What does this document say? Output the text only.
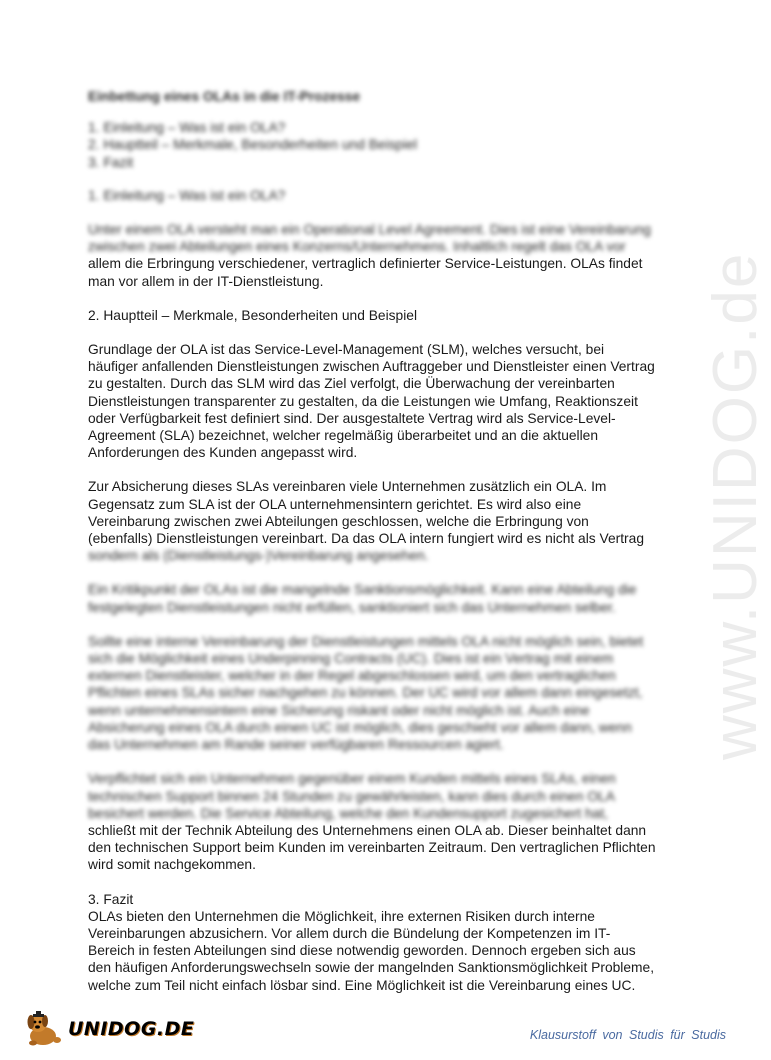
www.UNIDOG.de

Einbettung eines OLAs in die IT-Prozesse

1. Einleitung – Was ist ein OLA?
2. Hauptteil – Merkmale, Besonderheiten und Beispiel
3. Fazit
1. Einleitung – Was ist ein OLA?
Unter einem OLA versteht man ein Operational Level Agreement. Dies ist eine Vereinbarung
zwischen zwei Abteilungen eines Konzerns/Unternehmens. Inhaltlich regelt das OLA vor
allem die Erbringung verschiedener, vertraglich definierter Service-Leistungen. OLAs findet
man vor allem in der IT-Dienstleistung.
2. Hauptteil – Merkmale, Besonderheiten und Beispiel
Grundlage der OLA ist das Service-Level-Management (SLM), welches versucht, bei
häufiger anfallenden Dienstleistungen zwischen Auftraggeber und Dienstleister einen Vertrag
zu gestalten. Durch das SLM wird das Ziel verfolgt, die Überwachung der vereinbarten
Dienstleistungen transparenter zu gestalten, da die Leistungen wie Umfang, Reaktionszeit
oder Verfügbarkeit fest definiert sind. Der ausgestaltete Vertrag wird als Service-Level-
Agreement (SLA) bezeichnet, welcher regelmäßig überarbeitet und an die aktuellen
Anforderungen des Kunden angepasst wird.
Zur Absicherung dieses SLAs vereinbaren viele Unternehmen zusätzlich ein OLA. Im
Gegensatz zum SLA ist der OLA unternehmensintern gerichtet. Es wird also eine
Vereinbarung zwischen zwei Abteilungen geschlossen, welche die Erbringung von
(ebenfalls) Dienstleistungen vereinbart. Da das OLA intern fungiert wird es nicht als Vertrag
sondern als (Dienstleistungs-)Vereinbarung angesehen.
Ein Kritikpunkt der OLAs ist die mangelnde Sanktionsmöglichkeit. Kann eine Abteilung die
festgelegten Dienstleistungen nicht erfüllen, sanktioniert sich das Unternehmen selber.
Sollte eine interne Vereinbarung der Dienstleistungen mittels OLA nicht möglich sein, bietet
sich die Möglichkeit eines Underpinning Contracts (UC). Dies ist ein Vertrag mit einem
externen Dienstleister, welcher in der Regel abgeschlossen wird, um den vertraglichen
Pflichten eines SLAs sicher nachgehen zu können. Der UC wird vor allem dann eingesetzt,
wenn unternehmensintern eine Sicherung riskant oder nicht möglich ist. Auch eine
Absicherung eines OLA durch einen UC ist möglich, dies geschieht vor allem dann, wenn
das Unternehmen am Rande seiner verfügbaren Ressourcen agiert.
Verpflichtet sich ein Unternehmen gegenüber einem Kunden mittels eines SLAs, einen
technischen Support binnen 24 Stunden zu gewährleisten, kann dies durch einen OLA
besichert werden. Die Service Abteilung, welche den Kundensupport zugesichert hat,
schließt mit der Technik Abteilung des Unternehmens einen OLA ab. Dieser beinhaltet dann
den technischen Support beim Kunden im vereinbarten Zeitraum. Den vertraglichen Pflichten
wird somit nachgekommen.
3. Fazit
OLAs bieten den Unternehmen die Möglichkeit, ihre externen Risiken durch interne
Vereinbarungen abzusichern. Vor allem durch die Bündelung der Kompetenzen im IT-
Bereich in festen Abteilungen sind diese notwendig geworden. Dennoch ergeben sich aus
den häufigen Anforderungswechseln sowie der mangelnden Sanktionsmöglichkeit Probleme,
welche zum Teil nicht einfach lösbar sind. Eine Möglichkeit ist die Vereinbarung eines UC.
UNIDOG.DE	Klausurstoff von Studis für Studis
